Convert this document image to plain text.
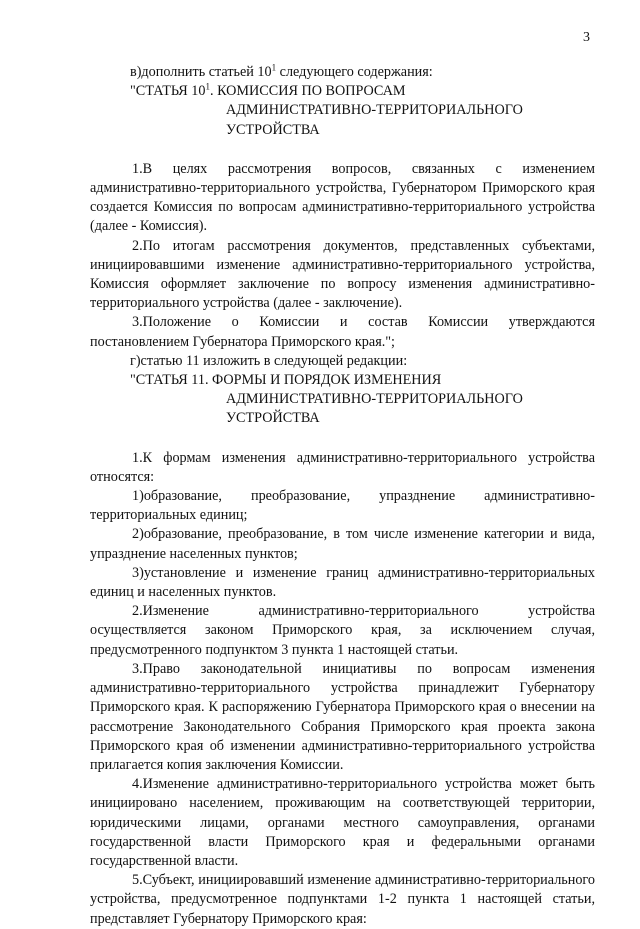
3

в)дополнить статьей $10^1$ следующего содержания:

"СТАТЬЯ $10^1$. КОМИССИЯ ПО ВОПРОСАМ

АДМИНИСТРАТИВНО-ТЕРРИТОРИАЛЬНОГО

УСТРОЙСТВА

1.В целях рассмотрения вопросов, связанных с изменением административно-территориального устройства, Губернатором Приморского края создается Комиссия по вопросам административно-территориального устройства (далее - Комиссия).

2.По итогам рассмотрения документов, представленных субъектами, инициировавшими изменение административно-территориального устройства, Комиссия оформляет заключение по вопросу изменения административно-территориального устройства (далее - заключение).

3.Положение о Комиссии и состав Комиссии утверждаются постановлением Губернатора Приморского края.";

г)статью 11 изложить в следующей редакции:

"СТАТЬЯ 11. ФОРМЫ И ПОРЯДОК ИЗМЕНЕНИЯ

АДМИНИСТРАТИВНО-ТЕРРИТОРИАЛЬНОГО

УСТРОЙСТВА

1.К формам изменения административно-территориального устройства относятся:

1)образование, преобразование, упразднение административно-территориальных единиц;

2)образование, преобразование, в том числе изменение категории и вида, упразднение населенных пунктов;

3)установление и изменение границ административно-территориальных единиц и населенных пунктов.

2.Изменение административно-территориального устройства осуществляется законом Приморского края, за исключением случая, предусмотренного подпунктом 3 пункта 1 настоящей статьи.

3.Право законодательной инициативы по вопросам изменения административно-территориального устройства принадлежит Губернатору Приморского края. К распоряжению Губернатора Приморского края о внесении на рассмотрение Законодательного Собрания Приморского края проекта закона Приморского края об изменении административно-территориального устройства прилагается копия заключения Комиссии.

4.Изменение административно-территориального устройства может быть инициировано населением, проживающим на соответствующей территории, юридическими лицами, органами местного самоуправления, органами государственной власти Приморского края и федеральными органами государственной власти.

5.Субъект, инициировавший изменение административно-территориального устройства, предусмотренное подпунктами 1-2 пункта 1 настоящей статьи, представляет Губернатору Приморского края:
